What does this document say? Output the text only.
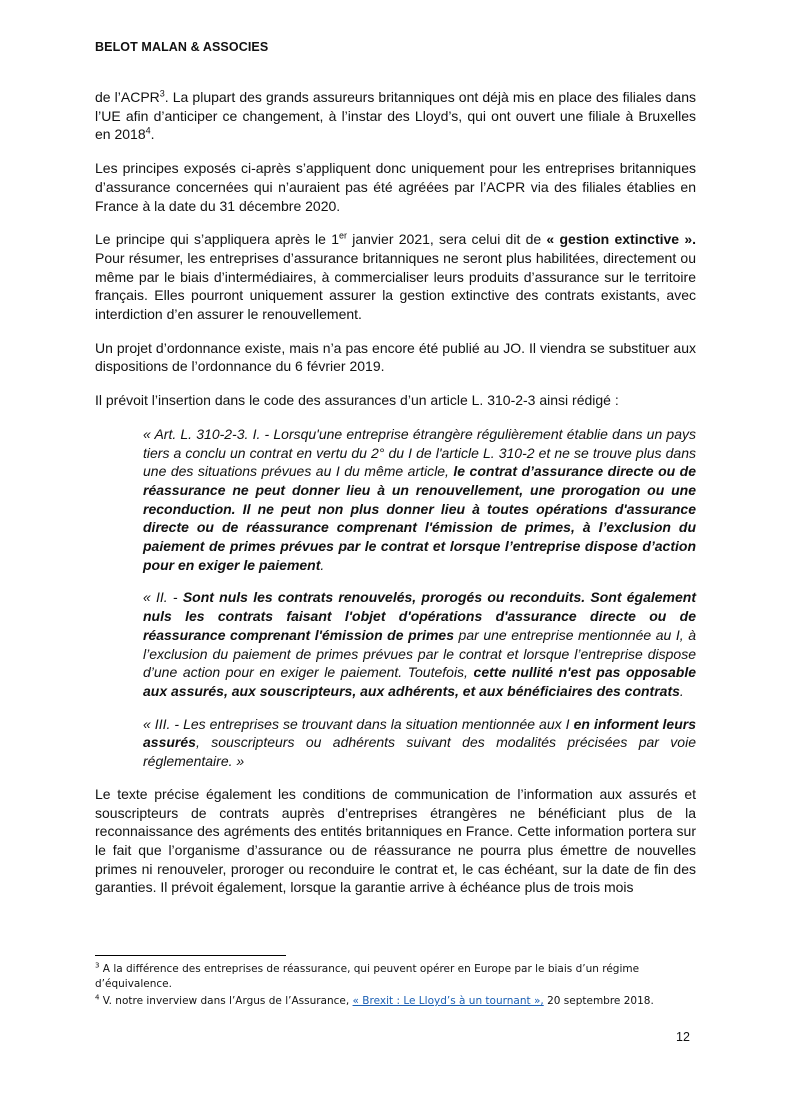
BELOT MALAN & ASSOCIES

de l’ACPR$^3$. La plupart des grands assureurs britanniques ont déjà mis en place des filiales dans l’UE afin d’anticiper ce changement, à l’instar des Lloyd’s, qui ont ouvert une filiale à Bruxelles en 2018$^4$.

Les principes exposés ci-après s’appliquent donc uniquement pour les entreprises britanniques d’assurance concernées qui n’auraient pas été agréées par l’ACPR via des filiales établies en France à la date du 31 décembre 2020.

Le principe qui s’appliquera après le 1er janvier 2021, sera celui dit de « gestion extinctive ». Pour résumer, les entreprises d’assurance britanniques ne seront plus habilitées, directement ou même par le biais d’intermédiaires, à commercialiser leurs produits d’assurance sur le territoire français. Elles pourront uniquement assurer la gestion extinctive des contrats existants, avec interdiction d’en assurer le renouvellement.

Un projet d’ordonnance existe, mais n’a pas encore été publié au JO. Il viendra se substituer aux dispositions de l’ordonnance du 6 février 2019.

Il prévoit l’insertion dans le code des assurances d’un article L. 310-2-3 ainsi rédigé :

« Art. L. 310-2-3. I. - Lorsqu'une entreprise étrangère régulièrement établie dans un pays tiers a conclu un contrat en vertu du 2° du I de l'article L. 310-2 et ne se trouve plus dans une des situations prévues au I du même article, le contrat d’assurance directe ou de réassurance ne peut donner lieu à un renouvellement, une prorogation ou une reconduction. Il ne peut non plus donner lieu à toutes opérations d'assurance directe ou de réassurance comprenant l'émission de primes, à l’exclusion du paiement de primes prévues par le contrat et lorsque l’entreprise dispose d’action pour en exiger le paiement.

« II. - Sont nuls les contrats renouvelés, prorogés ou reconduits. Sont également nuls les contrats faisant l'objet d'opérations d'assurance directe ou de réassurance comprenant l'émission de primes par une entreprise mentionnée au I, à l’exclusion du paiement de primes prévues par le contrat et lorsque l’entreprise dispose d’une action pour en exiger le paiement. Toutefois, cette nullité n'est pas opposable aux assurés, aux souscripteurs, aux adhérents, et aux bénéficiaires des contrats.

« III. - Les entreprises se trouvant dans la situation mentionnée aux I en informent leurs assurés, souscripteurs ou adhérents suivant des modalités précisées par voie réglementaire. »

Le texte précise également les conditions de communication de l’information aux assurés et souscripteurs de contrats auprès d’entreprises étrangères ne bénéficiant plus de la reconnaissance des agréments des entités britanniques en France. Cette information portera sur le fait que l’organisme d’assurance ou de réassurance ne pourra plus émettre de nouvelles primes ni renouveler, proroger ou reconduire le contrat et, le cas échéant, sur la date de fin des garanties. Il prévoit également, lorsque la garantie arrive à échéance plus de trois mois

$^3$ A la différence des entreprises de réassurance, qui peuvent opérer en Europe par le biais d’un régime d’équivalence.

$^4$ V. notre inverview dans l’Argus de l’Assurance, « Brexit : Le Lloyd’s à un tournant », 20 septembre 2018.

12
